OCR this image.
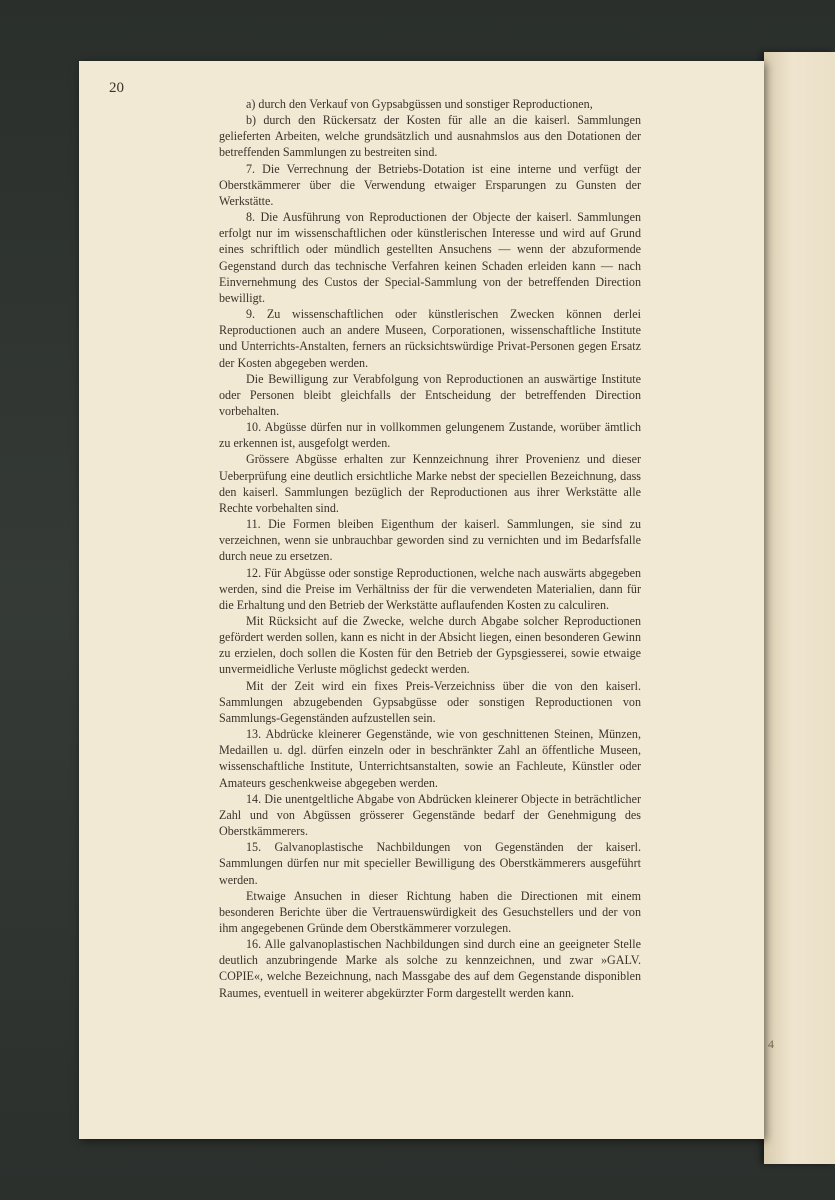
4

20

a) durch den Verkauf von Gypsabgüssen und sonstiger Reproductionen,

b) durch den Rückersatz der Kosten für alle an die kaiserl. Sammlungen gelieferten Arbeiten, welche grundsätzlich und ausnahmslos aus den Dotationen der betreffenden Sammlungen zu bestreiten sind.

7. Die Verrechnung der Betriebs-Dotation ist eine interne und verfügt der Oberstkämmerer über die Verwendung etwaiger Ersparungen zu Gunsten der Werkstätte.

8. Die Ausführung von Reproductionen der Objecte der kaiserl. Sammlungen erfolgt nur im wissenschaftlichen oder künstlerischen Interesse und wird auf Grund eines schriftlich oder mündlich gestellten Ansuchens — wenn der abzuformende Gegenstand durch das technische Verfahren keinen Schaden erleiden kann — nach Einvernehmung des Custos der Special-Sammlung von der betreffenden Direction bewilligt.

9. Zu wissenschaftlichen oder künstlerischen Zwecken können derlei Reproductionen auch an andere Museen, Corporationen, wissenschaftliche Institute und Unterrichts-Anstalten, ferners an rücksichtswürdige Privat-Personen gegen Ersatz der Kosten abgegeben werden.

Die Bewilligung zur Verabfolgung von Reproductionen an auswärtige Institute oder Personen bleibt gleichfalls der Entscheidung der betreffenden Direction vorbehalten.

10. Abgüsse dürfen nur in vollkommen gelungenem Zustande, worüber ämtlich zu erkennen ist, ausgefolgt werden.

Grössere Abgüsse erhalten zur Kennzeichnung ihrer Provenienz und dieser Ueberprüfung eine deutlich ersichtliche Marke nebst der speciellen Bezeichnung, dass den kaiserl. Sammlungen bezüglich der Reproductionen aus ihrer Werkstätte alle Rechte vorbehalten sind.

11. Die Formen bleiben Eigenthum der kaiserl. Sammlungen, sie sind zu verzeichnen, wenn sie unbrauchbar geworden sind zu vernichten und im Bedarfsfalle durch neue zu ersetzen.

12. Für Abgüsse oder sonstige Reproductionen, welche nach auswärts abgegeben werden, sind die Preise im Verhältniss der für die verwendeten Materialien, dann für die Erhaltung und den Betrieb der Werkstätte auflaufenden Kosten zu calculiren.

Mit Rücksicht auf die Zwecke, welche durch Abgabe solcher Reproductionen gefördert werden sollen, kann es nicht in der Absicht liegen, einen besonderen Gewinn zu erzielen, doch sollen die Kosten für den Betrieb der Gypsgiesserei, sowie etwaige unvermeidliche Verluste möglichst gedeckt werden.

Mit der Zeit wird ein fixes Preis-Verzeichniss über die von den kaiserl. Sammlungen abzugebenden Gypsabgüsse oder sonstigen Reproductionen von Sammlungs-Gegenständen aufzustellen sein.

13. Abdrücke kleinerer Gegenstände, wie von geschnittenen Steinen, Münzen, Medaillen u. dgl. dürfen einzeln oder in beschränkter Zahl an öffentliche Museen, wissenschaftliche Institute, Unterrichtsanstalten, sowie an Fachleute, Künstler oder Amateurs geschenkweise abgegeben werden.

14. Die unentgeltliche Abgabe von Abdrücken kleinerer Objecte in beträchtlicher Zahl und von Abgüssen grösserer Gegenstände bedarf der Genehmigung des Oberstkämmerers.

15. Galvanoplastische Nachbildungen von Gegenständen der kaiserl. Sammlungen dürfen nur mit specieller Bewilligung des Oberstkämmerers ausgeführt werden.

Etwaige Ansuchen in dieser Richtung haben die Directionen mit einem besonderen Berichte über die Vertrauenswürdigkeit des Gesuchstellers und der von ihm angegebenen Gründe dem Oberstkämmerer vorzulegen.

16. Alle galvanoplastischen Nachbildungen sind durch eine an geeigneter Stelle deutlich anzubringende Marke als solche zu kennzeichnen, und zwar »GALV. COPIE«, welche Bezeichnung, nach Massgabe des auf dem Gegenstande disponiblen Raumes, eventuell in weiterer abgekürzter Form dargestellt werden kann.
